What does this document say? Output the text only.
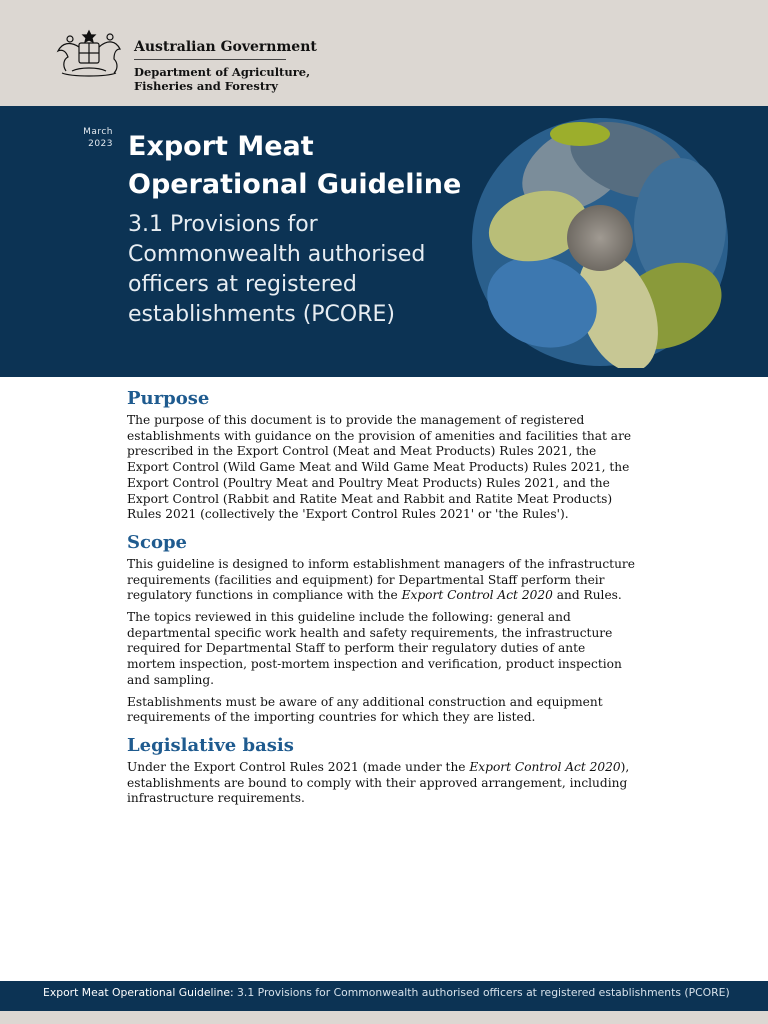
Australian Government
Department of Agriculture,
Fisheries and Forestry
March
2023 Export Meat
Operational Guideline
3.1 Provisions for Commonwealth authorised officers at registered establishments (PCORE)
Purpose

The purpose of this document is to provide the management of registered establishments with guidance on the provision of amenities and facilities that are prescribed in the Export Control (Meat and Meat Products) Rules 2021, the Export Control (Wild Game Meat and Wild Game Meat Products) Rules 2021, the Export Control (Poultry Meat and Poultry Meat Products) Rules 2021, and the Export Control (Rabbit and Ratite Meat and Rabbit and Ratite Meat Products) Rules 2021 (collectively the 'Export Control Rules 2021' or 'the Rules').

Scope

This guideline is designed to inform establishment managers of the infrastructure requirements (facilities and equipment) for Departmental Staff perform their regulatory functions in compliance with the Export Control Act 2020 and Rules.

The topics reviewed in this guideline include the following: general and departmental specific work health and safety requirements, the infrastructure required for Departmental Staff to perform their regulatory duties of ante mortem inspection, post-mortem inspection and verification, product inspection and sampling.

Establishments must be aware of any additional construction and equipment requirements of the importing countries for which they are listed.

Legislative basis

Under the Export Control Rules 2021 (made under the Export Control Act 2020), establishments are bound to comply with their approved arrangement, including infrastructure requirements.

Export Meat Operational Guideline: 3.1 Provisions for Commonwealth authorised officers at registered establishments (PCORE)
